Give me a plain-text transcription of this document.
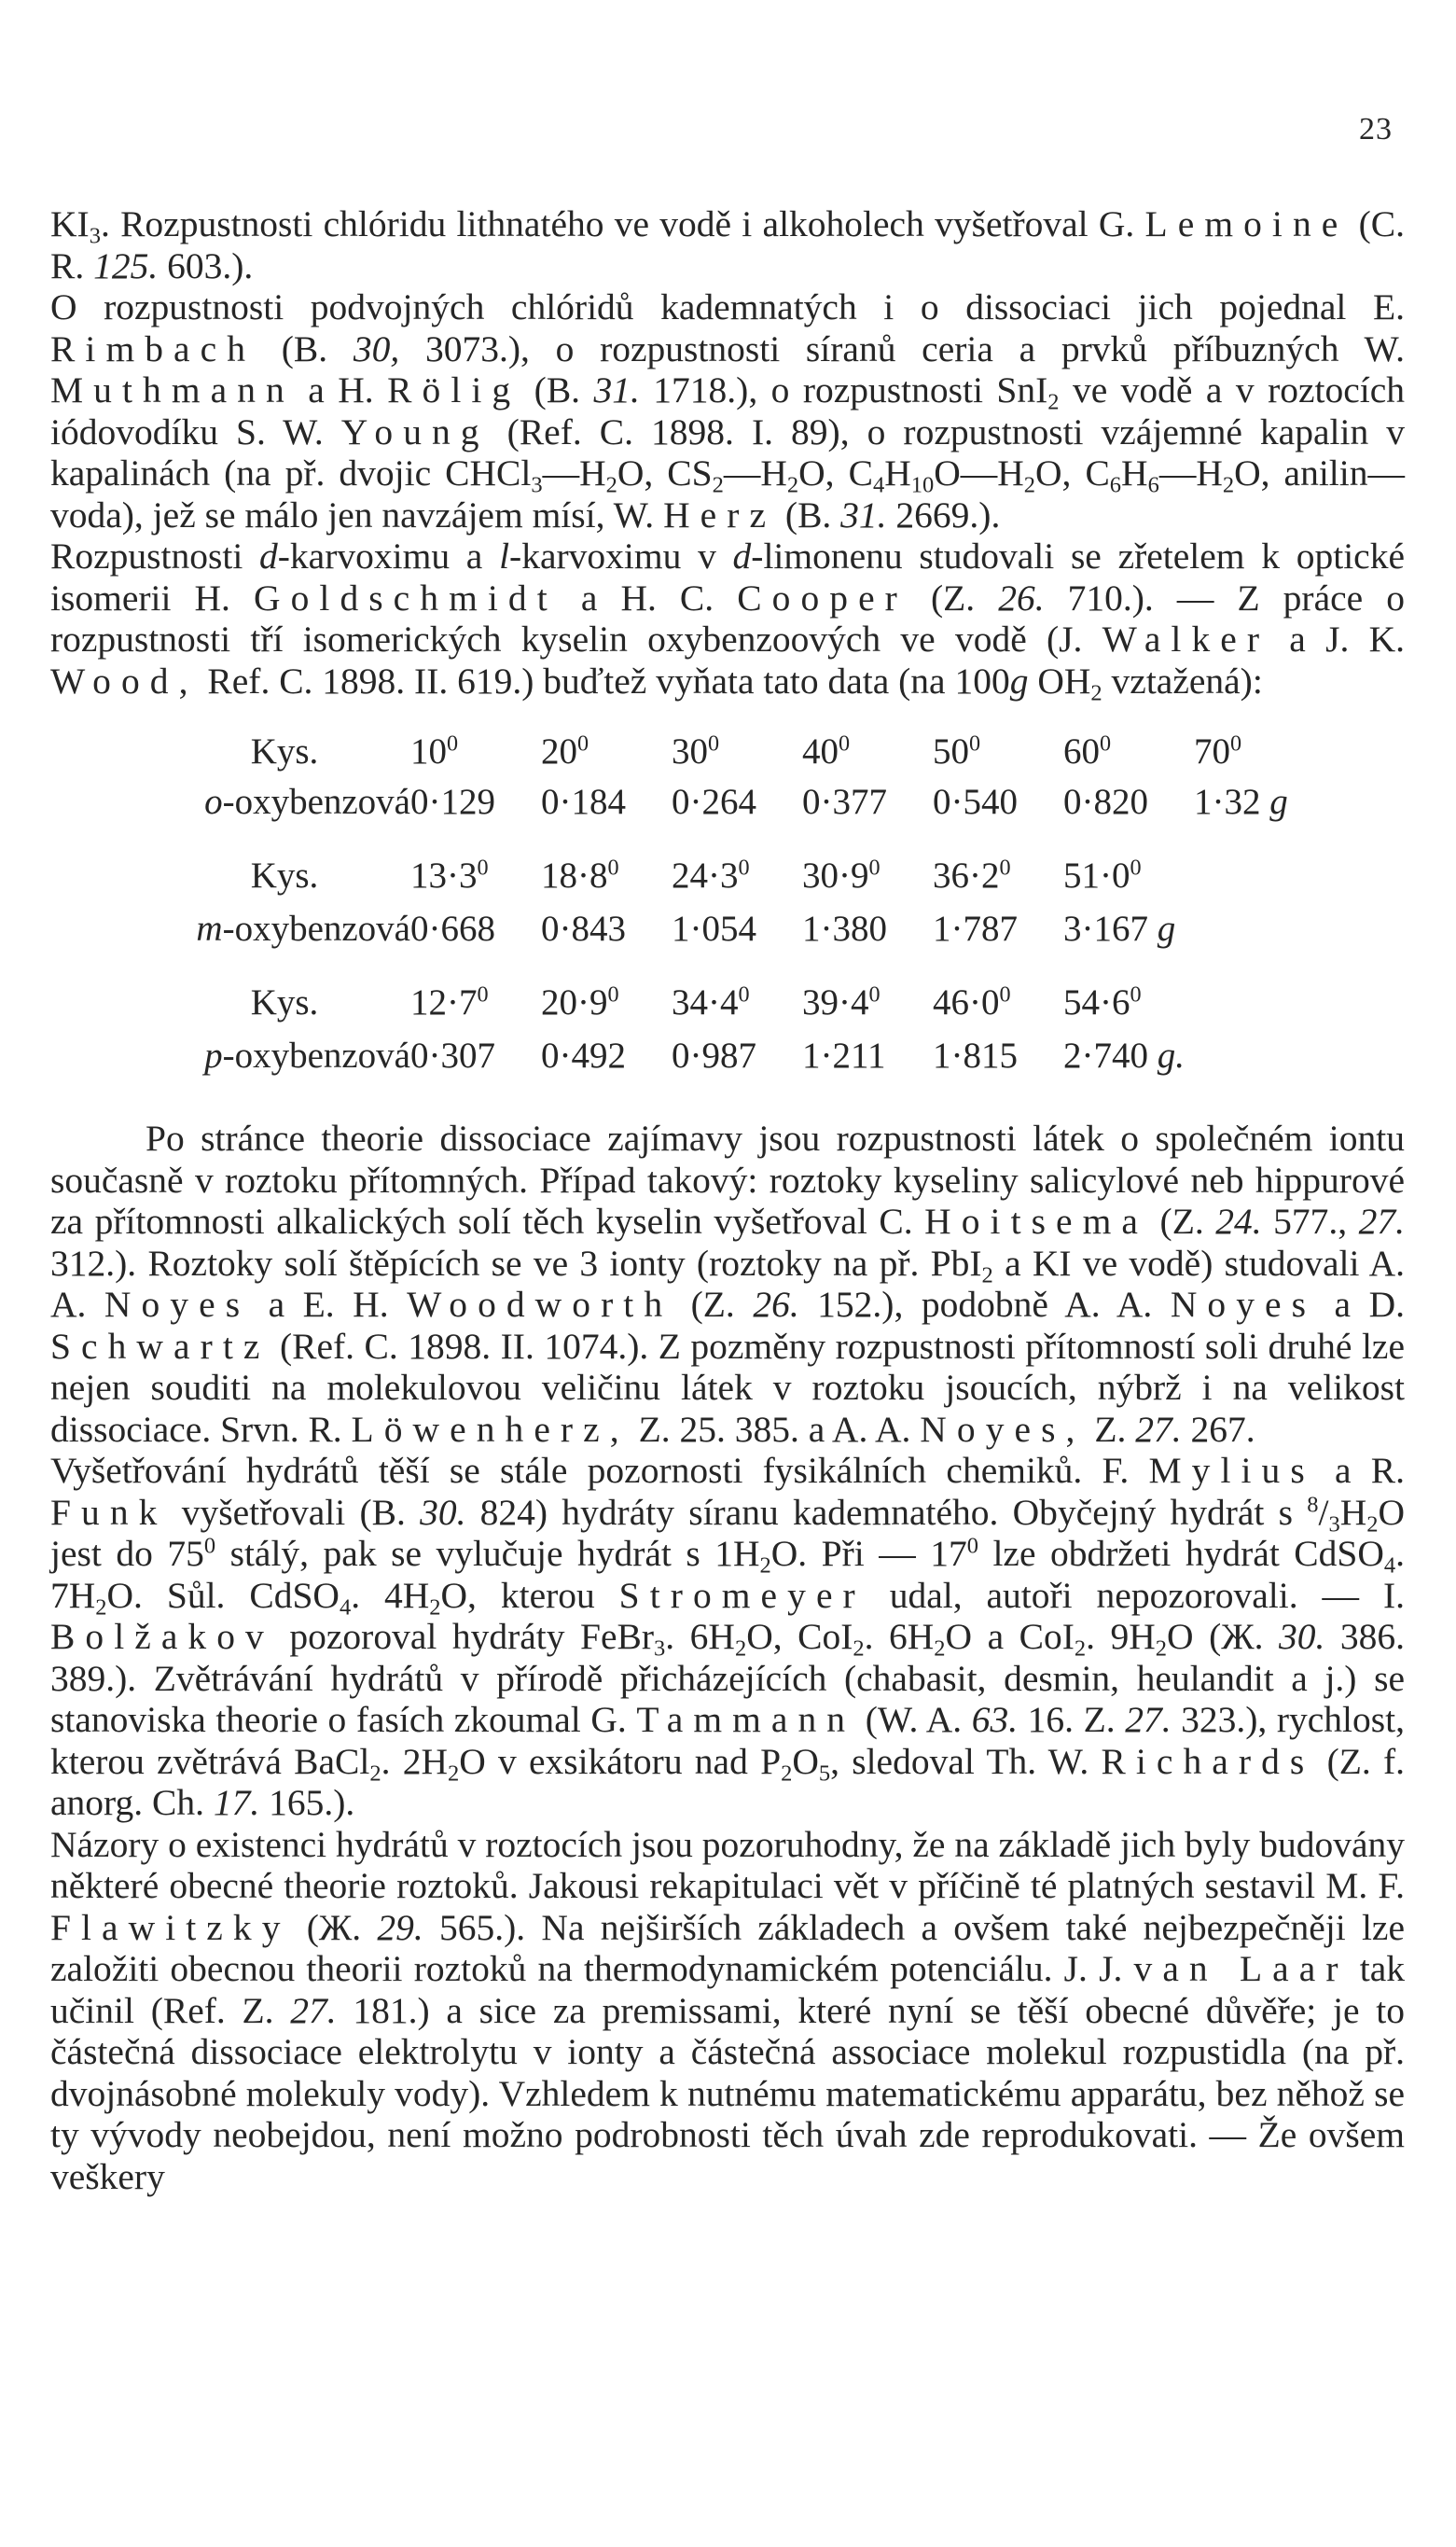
23

$KI_3$. Rozpustnosti chlóridu lithnatého ve vodě i alkoholech vyšetřoval G. Lemoine (C. R. 125. 603.).

O rozpustnosti podvojných chlóridů kademnatých i o dissociaci jich pojednal E. Rimbach (B. 30, 3073.), o rozpustnosti síranů ceria a prvků příbuzných W. Muthmann a H. Rölig (B. 31. 1718.), o rozpustnosti SnI$_2$ ve vodě a v roztocích iódovodíku S. W. Young (Ref. C. 1898. I. 89), o rozpustnosti vzájemné kapalin v kapalinách (na př. dvojic $CHCl_3—H_2O$, $CS_2—H_2O$, $C_4H_{10}O—H_2O$, $C_6H_6—H_2O$, anilin—voda), jež se málo jen navzájem mísí, W. Herz (B. 31. 2669.).

Rozpustnosti d-karvoximu a l-karvoximu v d-limonenu studovali se zřetelem k optické isomerii H. Goldschmidt a H. C. Cooper (Z. 26. 710.). — Z práce o rozpustnosti tří isomerických kyselin oxybenzoových ve vodě (J. Walker a J. K. Wood, Ref. C. 1898. II. 619.) buďtež vyňata tato data (na 100g $OH_2$ vztažená):

Kys.	$10^0$	$20^0$	$30^0$	$40^0$	$50^0$	$60^0$	$70^0$
o-oxybenzová	0·129	0·184	0·264	0·377	0·540	0·820	1·32 g
Kys.	$13\cdot 3^0$	$18\cdot 8^0$	$24\cdot 3^0$	$30\cdot 9^0$	$36\cdot 2^0$	$51\cdot 0^0$	
m-oxybenzová	0·668	0·843	1·054	1·380	1·787	3·167 g	
Kys.	$12\cdot 7^0$	$20\cdot 9^0$	$34\cdot 4^0$	$39\cdot 4^0$	$46\cdot 0^0$	$54\cdot 6^0$	
p-oxybenzová	0·307	0·492	0·987	1·211	1·815	2·740 g.	

Po stránce theorie dissociace zajímavy jsou rozpustnosti látek o společném iontu současně v roztoku přítomných. Případ takový: roztoky kyseliny salicylové neb hippurové za přítomnosti alkalických solí těch kyselin vyšetřoval C. Hoitsema (Z. 24. 577., 27. 312.). Roztoky solí štěpících se ve 3 ionty (roztoky na př. PbI$_2$ a KI ve vodě) studovali A. A. Noyes a E. H. Woodworth (Z. 26. 152.), podobně A. A. Noyes a D. Schwartz (Ref. C. 1898. II. 1074.). Z pozměny rozpustnosti přítomností soli druhé lze nejen souditi na molekulovou veličinu látek v roztoku jsoucích, nýbrž i na velikost dissociace. Srvn. R. Löwenherz, Z. 25. 385. a A. A. Noyes, Z. 27. 267.

Vyšetřování hydrátů těší se stále pozornosti fysikálních chemiků. F. Mylius a R. Funk vyšetřovali (B. 30. 824) hydráty síranu kademnatého. Obyčejný hydrát s $^8/_3H_2O$ jest do $75^0$ stálý, pak se vylučuje hydrát s $1H_2O$. Při — $17^0$ lze obdržeti hydrát CdSO$_4$. $7H_2O$. Sůl. CdSO$_4$. $4H_2O$, kterou Stromeyer udal, autoři nepozorovali. — I. Bolžakov pozoroval hydráty FeBr$_3$. $6H_2O$, CoI$_2$. $6H_2O$ a CoI$_2$. $9H_2O$ (Ж. 30. 386. 389.). Zvětrávání hydrátů v přírodě přicházejících (chabasit, desmin, heulandit a j.) se stanoviska theorie o fasích zkoumal G. Tammann (W. A. 63. 16. Z. 27. 323.), rychlost, kterou zvětrává BaCl$_2$. $2H_2O$ v exsikátoru nad $P_2O_5$, sledoval Th. W. Richards (Z. f. anorg. Ch. 17. 165.).

Názory o existenci hydrátů v roztocích jsou pozoruhodny, že na základě jich byly budovány některé obecné theorie roztoků. Jakousi rekapitulaci vět v příčině té platných sestavil M. F. Flawitzky (Ж. 29. 565.). Na nejširších základech a ovšem také nejbezpečněji lze založiti obecnou theorii roztoků na thermodynamickém potenciálu. J. J. van Laar tak učinil (Ref. Z. 27. 181.) a sice za premissami, které nyní se těší obecné důvěře; je to částečná dissociace elektrolytu v ionty a částečná associace molekul rozpustidla (na př. dvojnásobné molekuly vody). Vzhledem k nutnému matematickému apparátu, bez něhož se ty vývody neobejdou, není možno podrobnosti těch úvah zde reprodukovati. — Že ovšem veškery
